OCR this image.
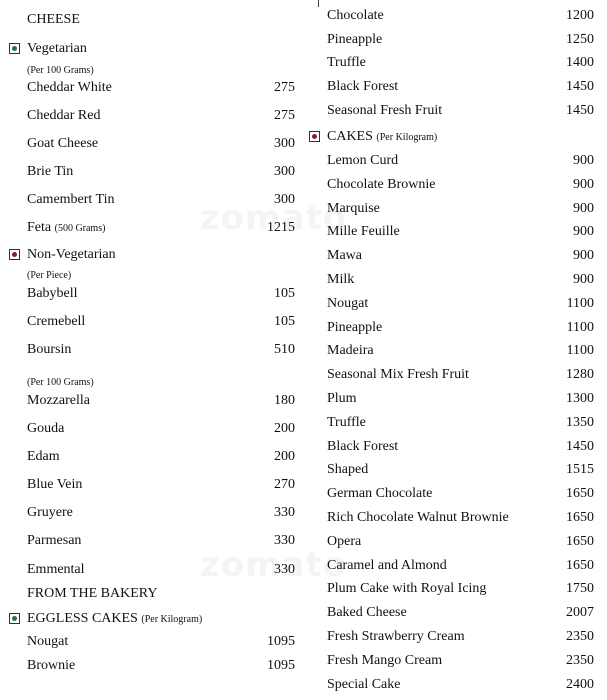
CHEESE
Vegetarian
(Per 100 Grams)
Cheddar White	275
Cheddar Red	275
Goat Cheese	300
Brie Tin	300
Camembert Tin	300
Feta (500 Grams)	1215
Non-Vegetarian
(Per Piece)
Babybell	105
Cremebell	105
Boursin	510
(Per 100 Grams)
Mozzarella	180
Gouda	200
Edam	200
Blue Vein	270
Gruyere	330
Parmesan	330
Emmental	330
FROM THE BAKERY
EGGLESS CAKES (Per Kilogram)
Nougat	1095
Brownie	1095
Chocolate	1200
Pineapple	1250
Truffle	1400
Black Forest	1450
Seasonal Fresh Fruit	1450
CAKES (Per Kilogram)
Lemon Curd	900
Chocolate Brownie	900
Marquise	900
Mille Feuille	900
Mawa	900
Milk	900
Nougat	1100
Pineapple	1100
Madeira	1100
Seasonal Mix Fresh Fruit	1280
Plum	1300
Truffle	1350
Black Forest	1450
Shaped	1515
German Chocolate	1650
Rich Chocolate Walnut Brownie	1650
Opera	1650
Caramel and Almond	1650
Plum Cake with Royal Icing	1750
Baked Cheese	2007
Fresh Strawberry Cream	2350
Fresh Mango Cream	2350
Special Cake	2400
